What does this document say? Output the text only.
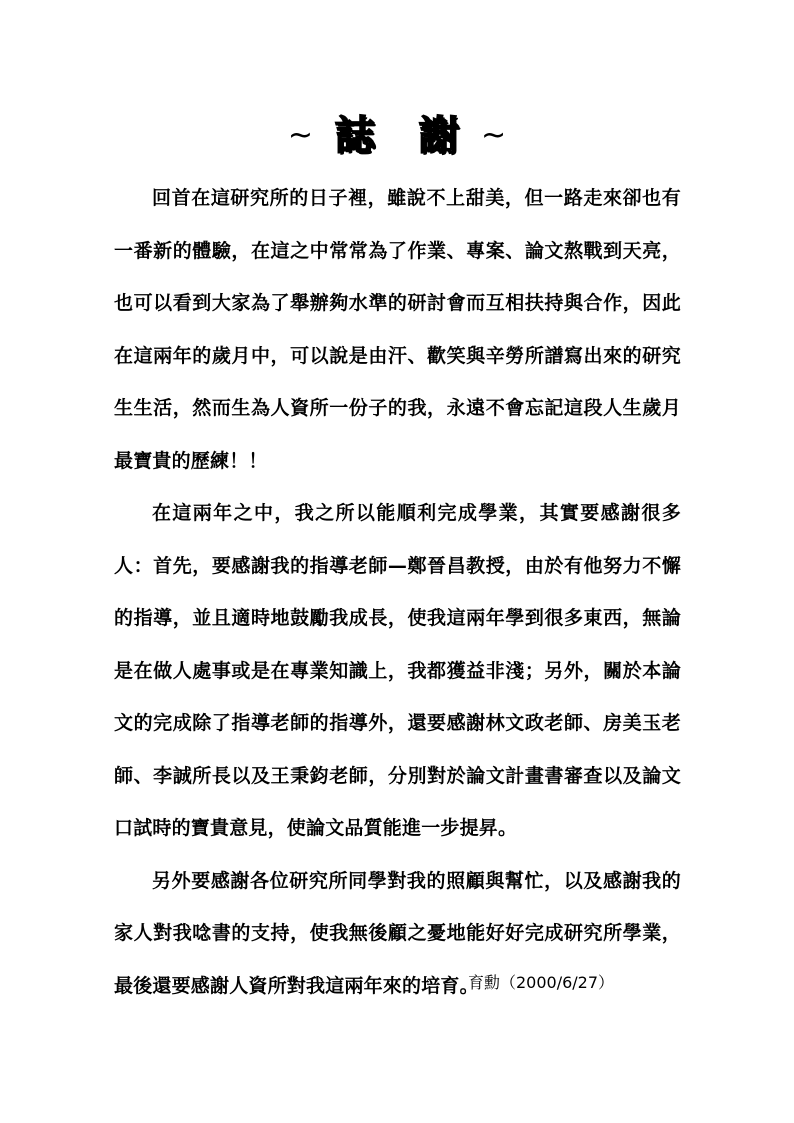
~ 誌 謝 ~

回首在這研究所的日子裡，雖說不上甜美，但一路走來卻也有一番新的體驗，在這之中常常為了作業、專案、論文熬戰到天亮，也可以看到大家為了舉辦夠水準的研討會而互相扶持與合作，因此在這兩年的歲月中，可以說是由汗、歡笑與辛勞所譜寫出來的研究生生活，然而生為人資所一份子的我，永遠不會忘記這段人生歲月最寶貴的歷練！！

在這兩年之中，我之所以能順利完成學業，其實要感謝很多人：首先，要感謝我的指導老師—鄭晉昌教授，由於有他努力不懈的指導，並且適時地鼓勵我成長，使我這兩年學到很多東西，無論是在做人處事或是在專業知識上，我都獲益非淺；另外，關於本論文的完成除了指導老師的指導外，還要感謝林文政老師、房美玉老師、李誠所長以及王秉鈞老師，分別對於論文計畫書審查以及論文口試時的寶貴意見，使論文品質能進一步提昇。

另外要感謝各位研究所同學對我的照顧與幫忙，以及感謝我的家人對我唸書的支持，使我無後顧之憂地能好好完成研究所學業，最後還要感謝人資所對我這兩年來的培育。

育勳（2000/6/27）
